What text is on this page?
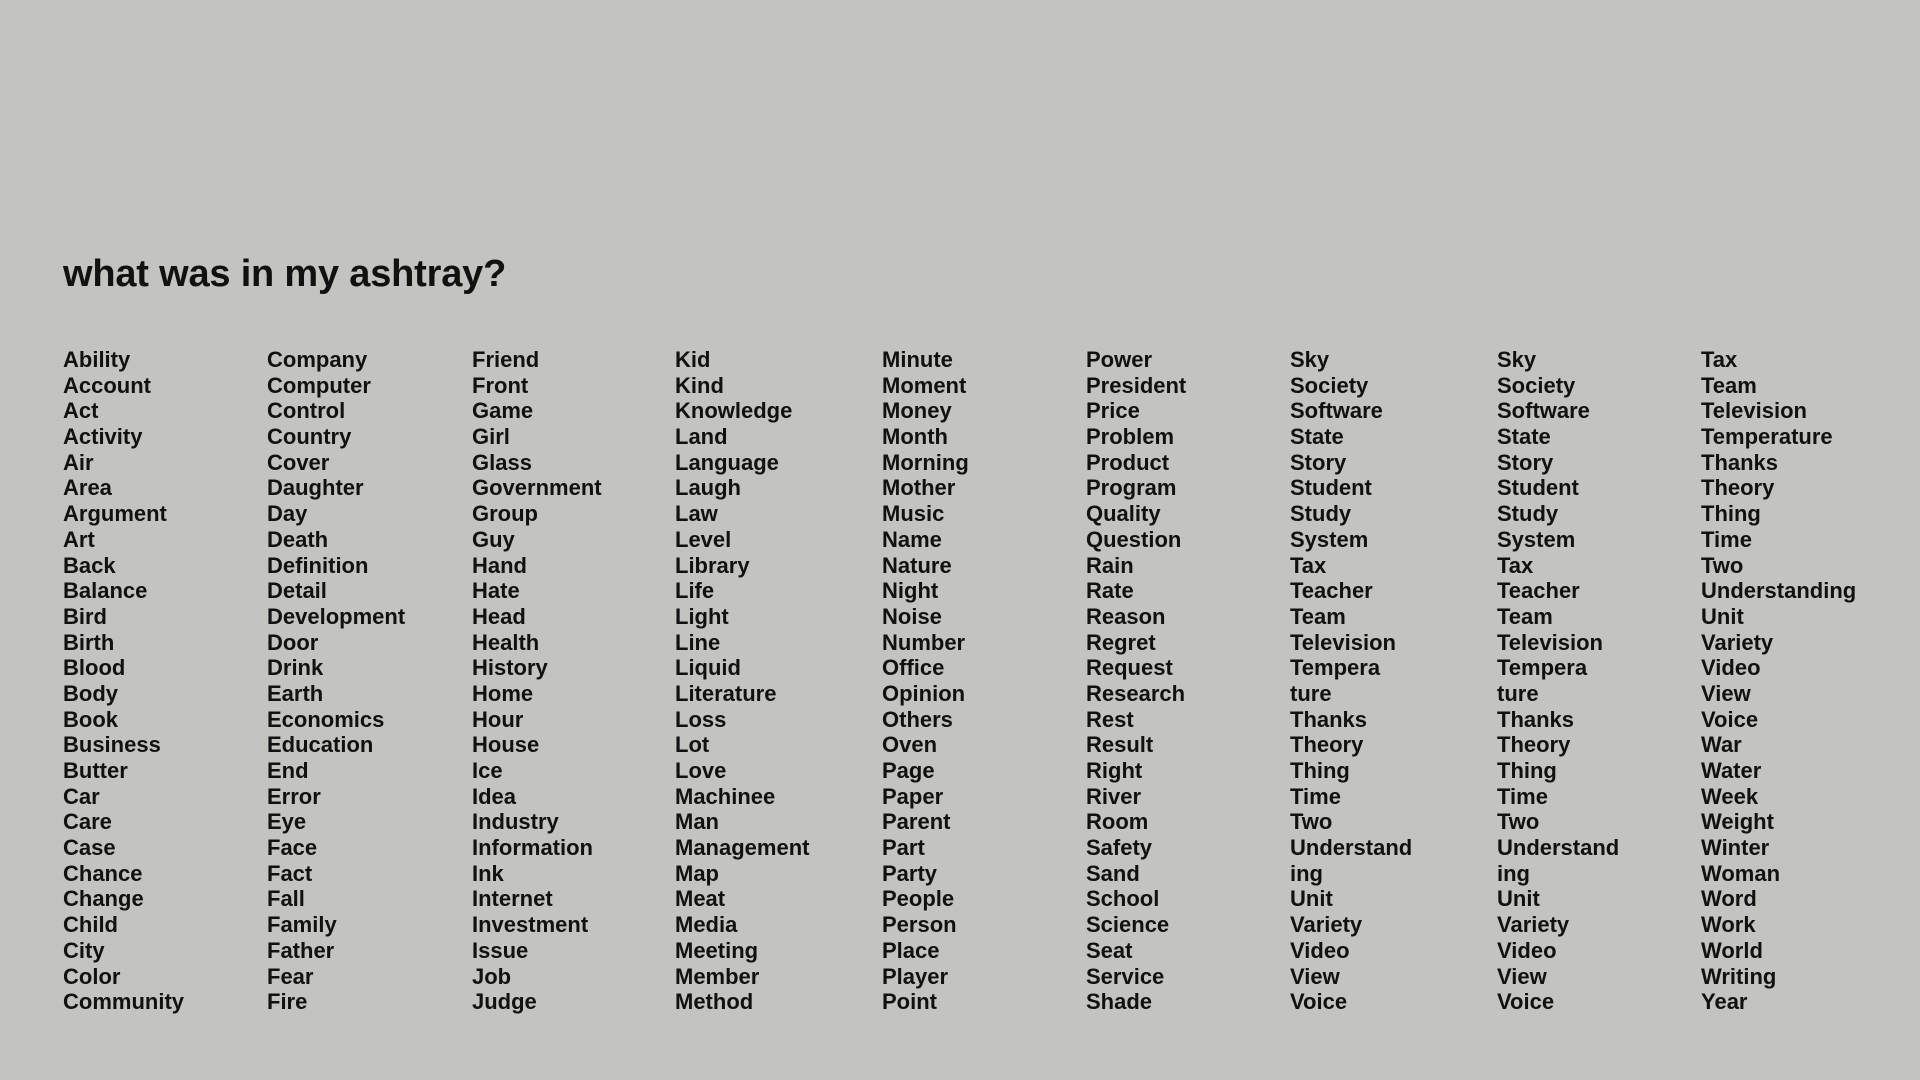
what was in my ashtray?
Ability
Account
Act
Activity
Air
Area
Argument
Art
Back
Balance
Bird
Birth
Blood
Body
Book
Business
Butter
Car
Care
Case
Chance
Change
Child
City
Color
Community
Company
Computer
Control
Country
Cover
Daughter
Day
Death
Definition
Detail
Development
Door
Drink
Earth
Economics
Education
End
Error
Eye
Face
Fact
Fall
Family
Father
Fear
Fire
Friend
Front
Game
Girl
Glass
Government
Group
Guy
Hand
Hate
Head
Health
History
Home
Hour
House
Ice
Idea
Industry
Information
Ink
Internet
Investment
Issue
Job
Judge
Kid
Kind
Knowledge
Land
Language
Laugh
Law
Level
Library
Life
Light
Line
Liquid
Literature
Loss
Lot
Love
Machinee
Man
Management
Map
Meat
Media
Meeting
Member
Method
Minute
Moment
Money
Month
Morning
Mother
Music
Name
Nature
Night
Noise
Number
Office
Opinion
Others
Oven
Page
Paper
Parent
Part
Party
People
Person
Place
Player
Point
Power
President
Price
Problem
Product
Program
Quality
Question
Rain
Rate
Reason
Regret
Request
Research
Rest
Result
Right
River
Room
Safety
Sand
School
Science
Seat
Service
Shade
Sky
Society
Software
State
Story
Student
Study
System
Tax
Teacher
Team
Television
Tempera
ture
Thanks
Theory
Thing
Time
Two
Understand
ing
Unit
Variety
Video
View
Voice
Sky
Society
Software
State
Story
Student
Study
System
Tax
Teacher
Team
Television
Tempera
ture
Thanks
Theory
Thing
Time
Two
Understand
ing
Unit
Variety
Video
View
Voice
Tax
Team
Television
Temperature
Thanks
Theory
Thing
Time
Two
Understanding
Unit
Variety
Video
View
Voice
War
Water
Week
Weight
Winter
Woman
Word
Work
World
Writing
Year
